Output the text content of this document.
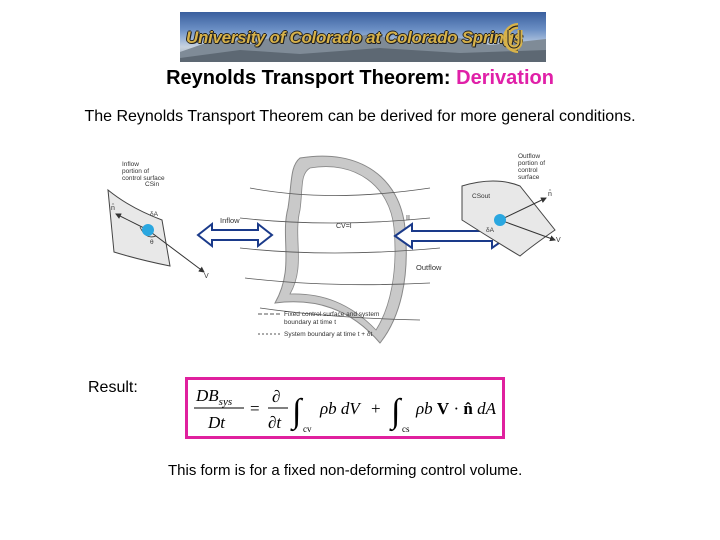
University of Colorado at Colorado Springs
Reynolds Transport Theorem: Derivation
The Reynolds Transport Theorem can be derived for more general conditions.
Inflow
portion of
control surface
CSin
n̂
δA
θ
V
Inflow
CV=I
II
Outflow
Outflow
portion of
control
surface
CSout	n̂
δA
V
Fixed control surface and system
boundary at time t
System boundary at time t + δt
Result:	$DB_{sys}$
Dt
=
∂
∂t ∫ cv
ρb dV + ∫ cs
ρb V · n̂ dA
This form is for a fixed non-deforming control volume.
